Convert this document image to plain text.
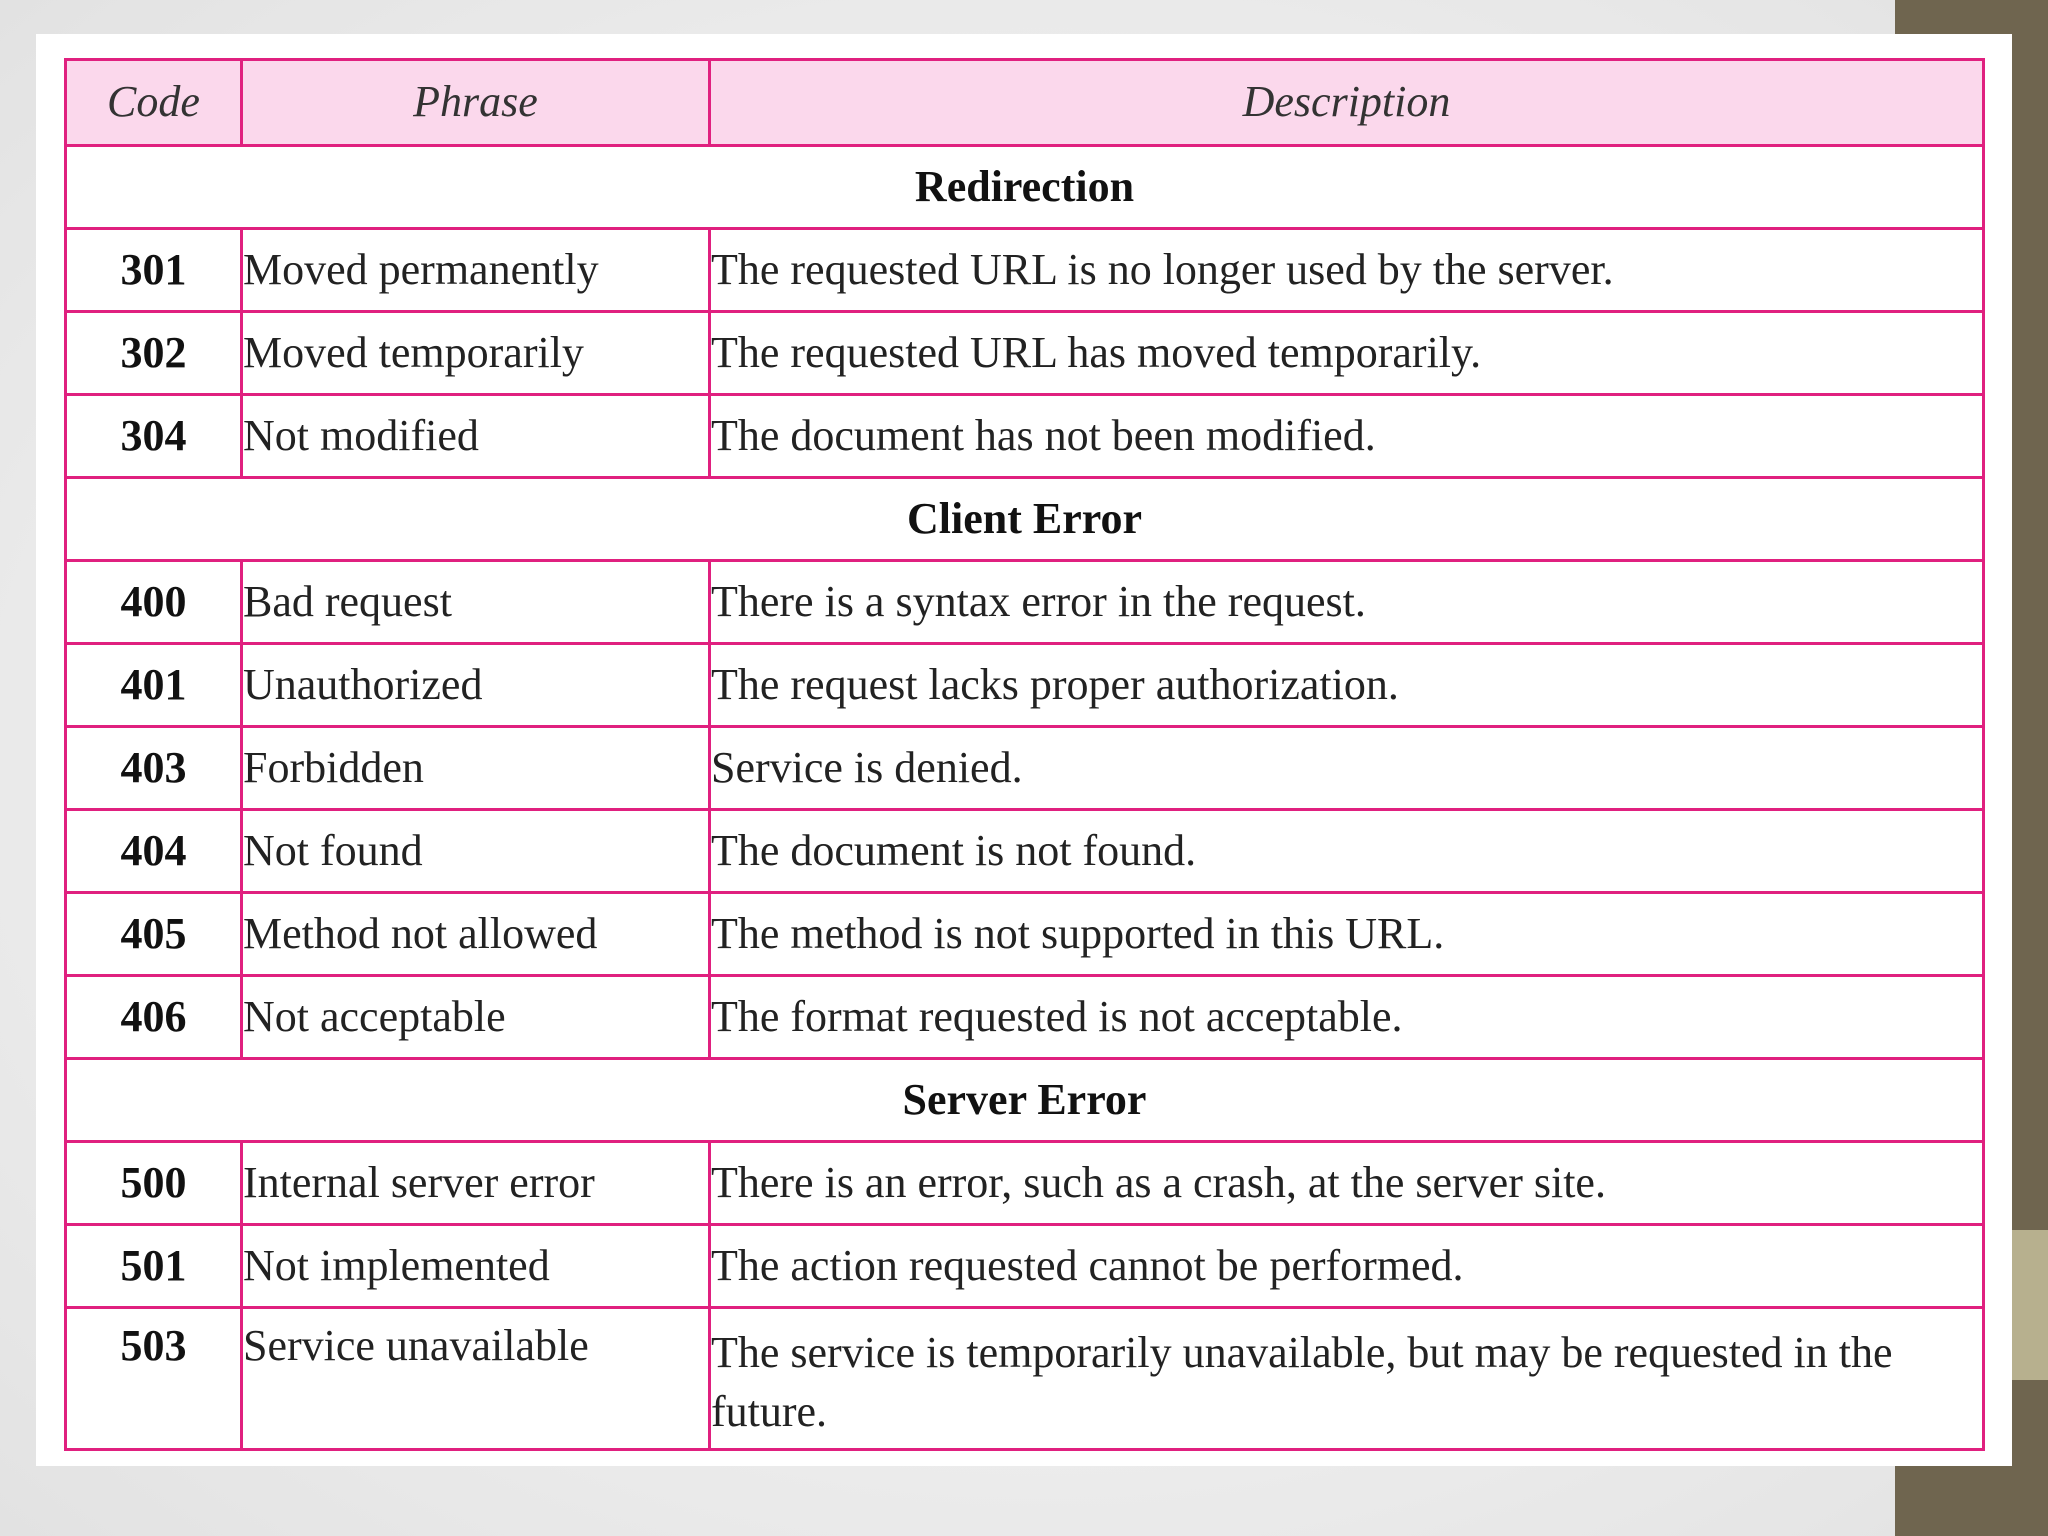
Code	Phrase	Description
Redirection		
301	Moved permanently	The requested URL is no longer used by the server.
302	Moved temporarily	The requested URL has moved temporarily.
304	Not modified	The document has not been modified.
Client Error		
400	Bad request	There is a syntax error in the request.
401	Unauthorized	The request lacks proper authorization.
403	Forbidden	Service is denied.
404	Not found	The document is not found.
405	Method not allowed	The method is not supported in this URL.
406	Not acceptable	The format requested is not acceptable.
Server Error		
500	Internal server error	There is an error, such as a crash, at the server site.
501	Not implemented	The action requested cannot be performed.
503	Service unavailable	The service is temporarily unavailable, but may be requested in the future.
